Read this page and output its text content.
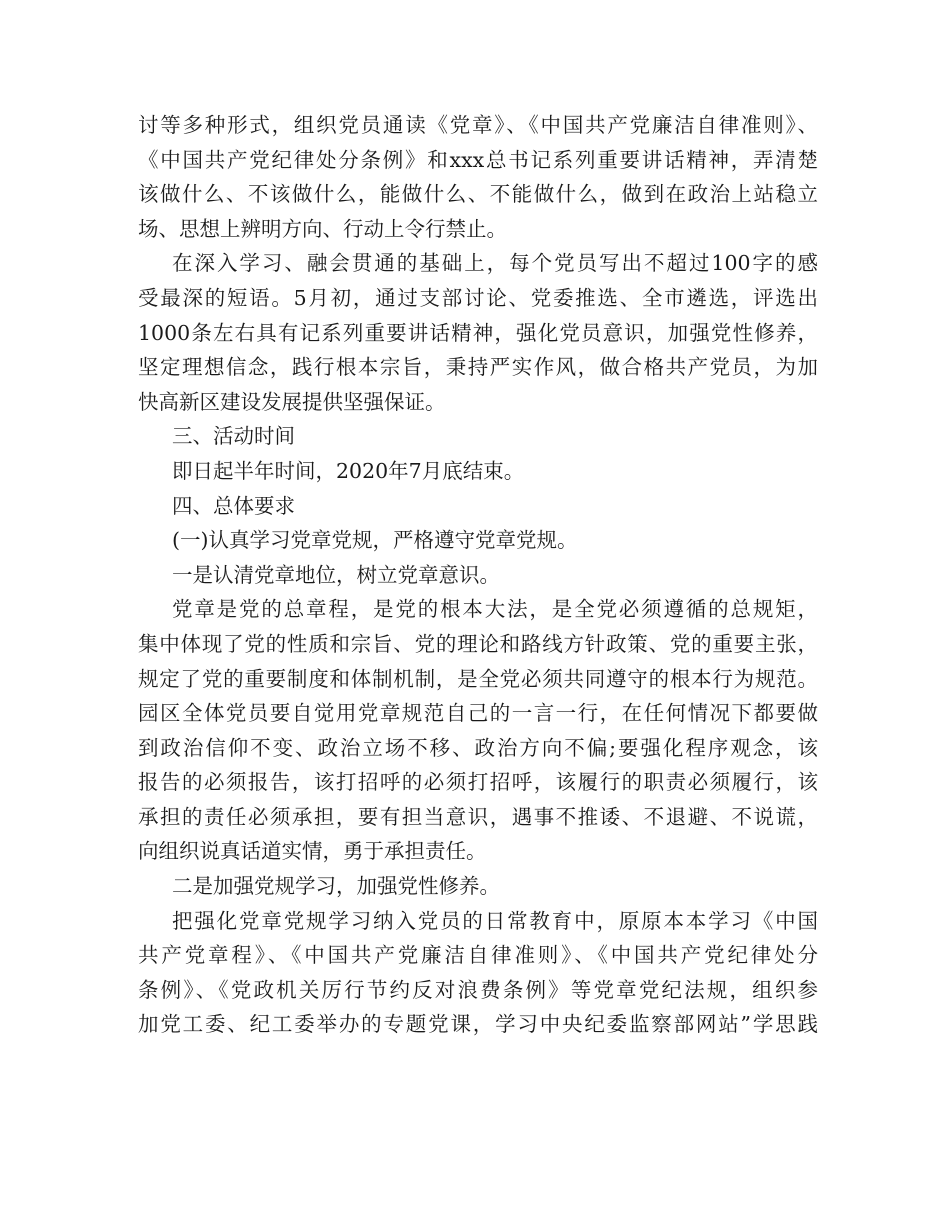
讨等多种形式，组织党员通读《党章》、《中国共产党廉洁自律准则》、
《中国共产党纪律处分条例》和xxx总书记系列重要讲话精神，弄清楚
该做什么、不该做什么，能做什么、不能做什么，做到在政治上站稳立
场、思想上辨明方向、行动上令行禁止。

在深入学习、融会贯通的基础上，每个党员写出不超过100字的感
受最深的短语。5月初，通过支部讨论、党委推选、全市遴选，评选出
1000条左右具有记系列重要讲话精神，强化党员意识，加强党性修养，
坚定理想信念，践行根本宗旨，秉持严实作风，做合格共产党员，为加
快高新区建设发展提供坚强保证。

三、活动时间

即日起半年时间，2020年7月底结束。

四、总体要求

(一)认真学习党章党规，严格遵守党章党规。

一是认清党章地位，树立党章意识。

党章是党的总章程，是党的根本大法，是全党必须遵循的总规矩，
集中体现了党的性质和宗旨、党的理论和路线方针政策、党的重要主张，
规定了党的重要制度和体制机制，是全党必须共同遵守的根本行为规范。
园区全体党员要自觉用党章规范自己的一言一行，在任何情况下都要做
到政治信仰不变、政治立场不移、政治方向不偏;要强化程序观念，该
报告的必须报告，该打招呼的必须打招呼，该履行的职责必须履行，该
承担的责任必须承担，要有担当意识，遇事不推诿、不退避、不说谎，
向组织说真话道实情，勇于承担责任。

二是加强党规学习，加强党性修养。

把强化党章党规学习纳入党员的日常教育中，原原本本学习《中国
共产党章程》、《中国共产党廉洁自律准则》、《中国共产党纪律处分
条例》、《党政机关厉行节约反对浪费条例》等党章党纪法规，组织参
加党工委、纪工委举办的专题党课，学习中央纪委监察部网站”学思践
